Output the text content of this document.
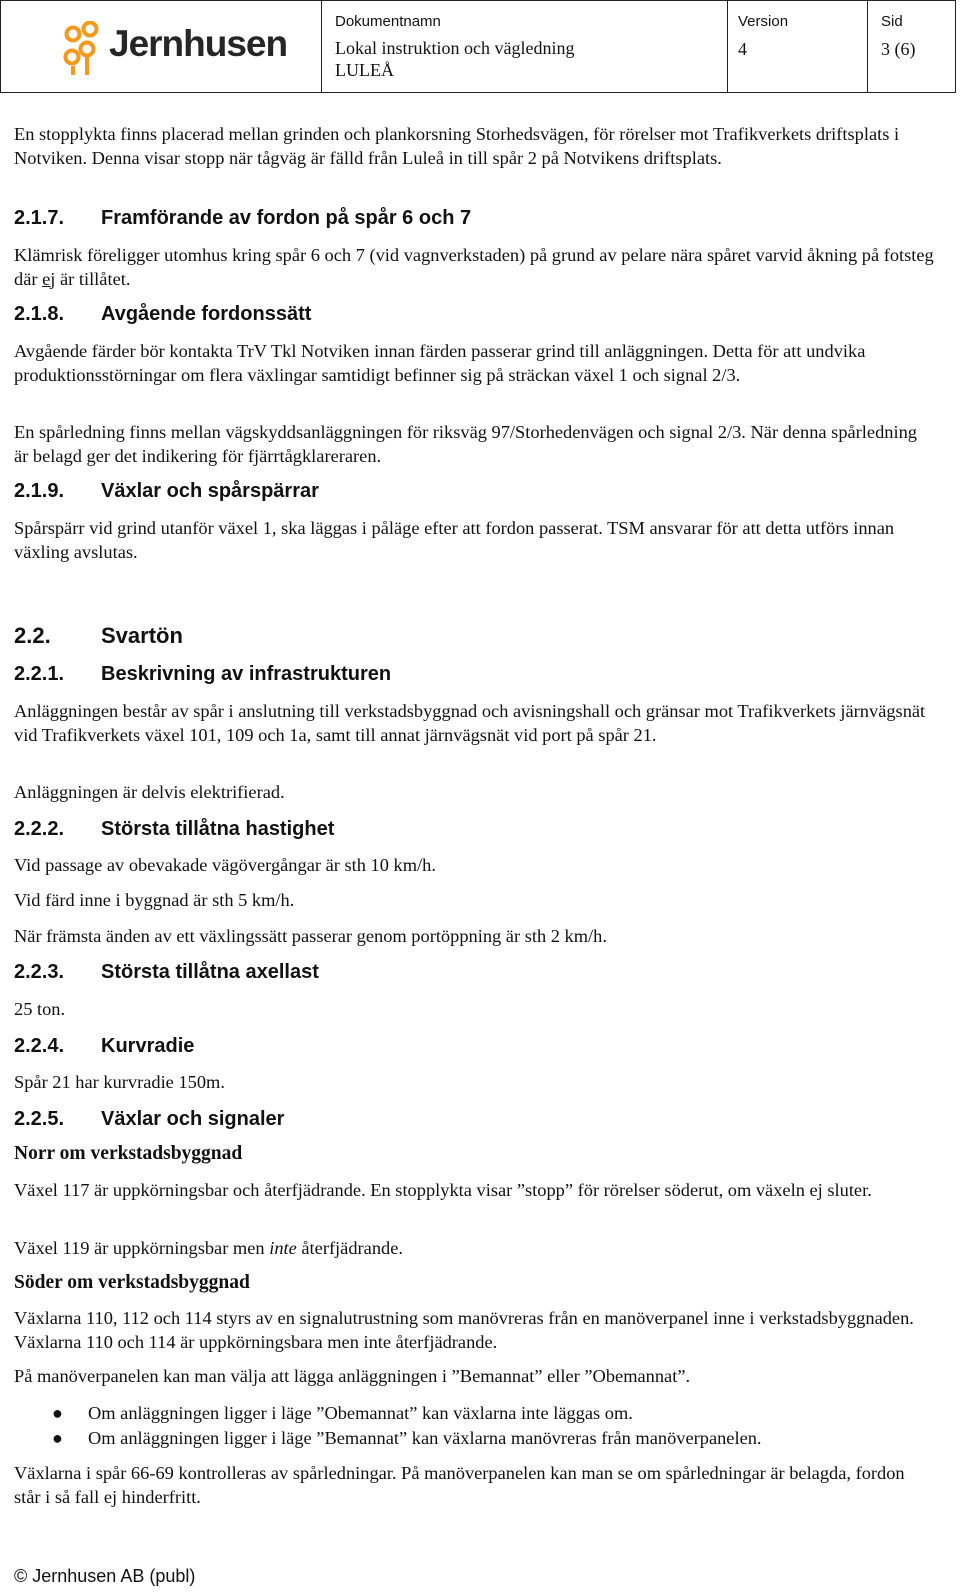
Jernhusen
Dokumentnamn
Lokal instruktion och vägledning
LULEÅ
Version
4
Sid
3 (6)

En stopplykta finns placerad mellan grinden och plankorsning Storhedsvägen, för rörelser mot Trafikverkets driftsplats i Notviken. Denna visar stopp när tågväg är fälld från Luleå in till spår 2 på Notvikens driftsplats.

2.1.7. Framförande av fordon på spår 6 och 7

Klämrisk föreligger utomhus kring spår 6 och 7 (vid vagnverkstaden) på grund av pelare nära spåret varvid åkning på fotsteg där ej är tillåtet.

2.1.8. Avgående fordonssätt

Avgående färder bör kontakta TrV Tkl Notviken innan färden passerar grind till anläggningen. Detta för att undvika produktionsstörningar om flera växlingar samtidigt befinner sig på sträckan växel 1 och signal 2/3.

En spårledning finns mellan vägskyddsanläggningen för riksväg 97/Storhedenvägen och signal 2/3. När denna spårledning är belagd ger det indikering för fjärrtågklareraren.

2.1.9. Växlar och spårspärrar

Spårspärr vid grind utanför växel 1, ska läggas i påläge efter att fordon passerat. TSM ansvarar för att detta utförs innan växling avslutas.

2.2. Svartön
2.2.1. Beskrivning av infrastrukturen

Anläggningen består av spår i anslutning till verkstadsbyggnad och avisningshall och gränsar mot Trafikverkets järnvägsnät vid Trafikverkets växel 101, 109 och 1a, samt till annat järnvägsnät vid port på spår 21.

Anläggningen är delvis elektrifierad.

2.2.2. Största tillåtna hastighet

Vid passage av obevakade vägövergångar är sth 10 km/h.

Vid färd inne i byggnad är sth 5 km/h.

När främsta änden av ett växlingssätt passerar genom portöppning är sth 2 km/h.

2.2.3. Största tillåtna axellast

25 ton.

2.2.4. Kurvradie

Spår 21 har kurvradie 150m.

2.2.5. Växlar och signaler
Norr om verkstadsbyggnad

Växel 117 är uppkörningsbar och återfjädrande. En stopplykta visar ”stopp” för rörelser söderut, om växeln ej sluter.

Växel 119 är uppkörningsbar men inte återfjädrande.

Söder om verkstadsbyggnad

Växlarna 110, 112 och 114 styrs av en signalutrustning som manövreras från en manöverpanel inne i verkstadsbyggnaden. Växlarna 110 och 114 är uppkörningsbara men inte återfjädrande.

På manöverpanelen kan man välja att lägga anläggningen i ”Bemannat” eller ”Obemannat”.

● Om anläggningen ligger i läge ”Obemannat” kan växlarna inte läggas om.
● Om anläggningen ligger i läge ”Bemannat” kan växlarna manövreras från manöverpanelen.

Växlarna i spår 66-69 kontrolleras av spårledningar. På manöverpanelen kan man se om spårledningar är belagda, fordon står i så fall ej hinderfritt.

© Jernhusen AB (publ)
